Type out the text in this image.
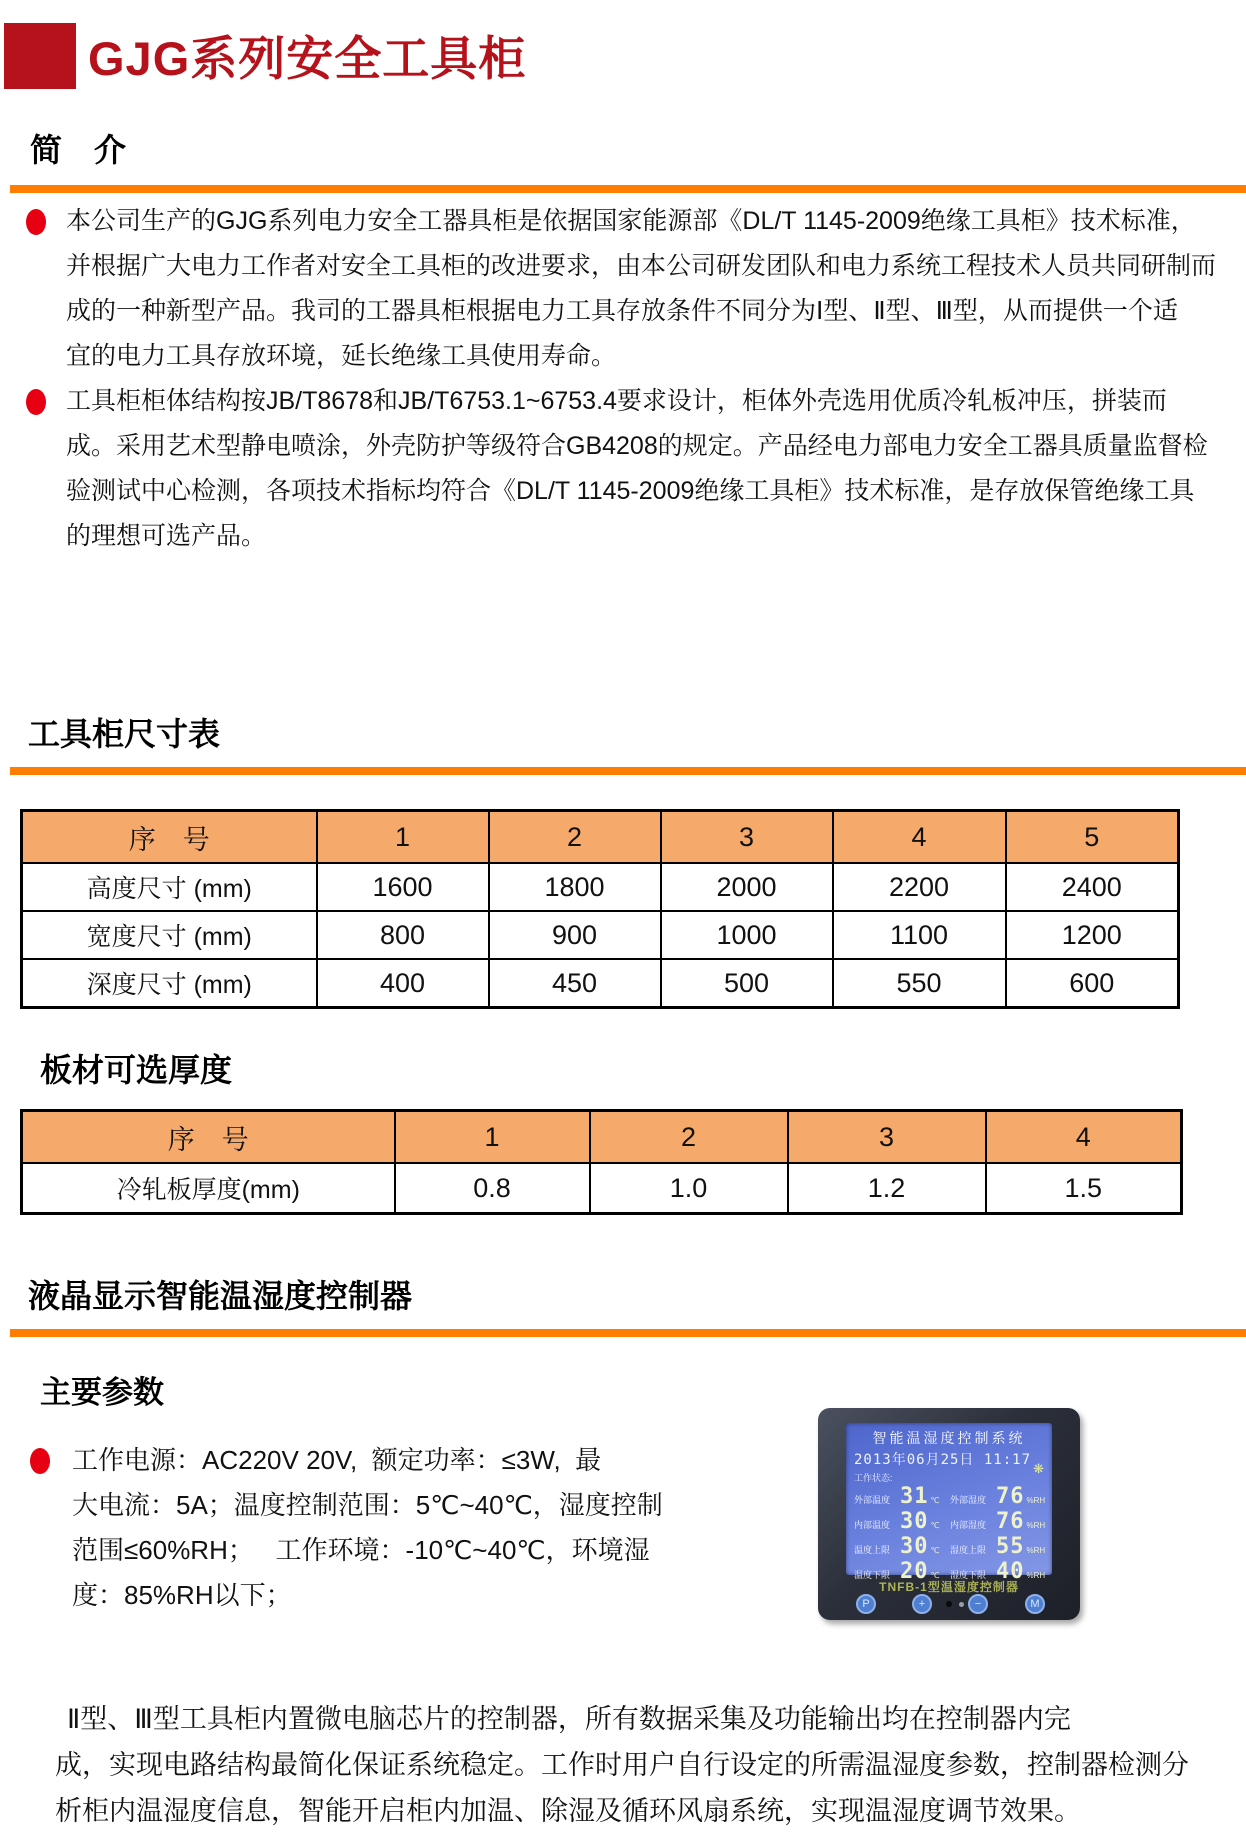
GJG系列安全工具柜
简　介
本公司生产的GJG系列电力安全工器具柜是依据国家能源部《DL/T 1145-2009绝缘工具柜》技术标准，
并根据广大电力工作者对安全工具柜的改进要求，由本公司研发团队和电力系统工程技术人员共同研制而
成的一种新型产品。我司的工器具柜根据电力工具存放条件不同分为Ⅰ型、Ⅱ型、Ⅲ型，从而提供一个适
宜的电力工具存放环境，延长绝缘工具使用寿命。
工具柜柜体结构按JB/T8678和JB/T6753.1~6753.4要求设计，柜体外壳选用优质冷轧板冲压，拼装而
成。采用艺术型静电喷涂，外壳防护等级符合GB4208的规定。产品经电力部电力安全工器具质量监督检
验测试中心检测，各项技术指标均符合《DL/T 1145-2009绝缘工具柜》技术标准，是存放保管绝缘工具
的理想可选产品。
工具柜尺寸表
序　号	1	2	3	4	5
高度尺寸 (mm)	1600	1800	2000	2200	2400
宽度尺寸 (mm)	800	900	1000	1100	1200
深度尺寸 (mm)	400	450	500	550	600
板材可选厚度
序　号	1	2	3	4
冷轧板厚度(mm)	0.8	1.0	1.2	1.5
液晶显示智能温湿度控制器
主要参数
工作电源：AC220V 20V,  额定功率：≤3W,  最
大电流：5A；温度控制范围：5℃~40℃，湿度控制
范围≤60%RH；   工作环境：-10℃~40℃，环境湿
度：85%RH以下；
智能温湿度控制系统
2013年06月25日 11:17
工作状态:
❋
外部温度 31 ℃ 外部湿度 76 %RH
内部温度 30 ℃ 内部湿度 76 %RH
温度上限 30 ℃ 湿度上限 55 %RH
温度下限 20 ℃ 湿度下限 40 %RH
TNFB-1型温湿度控制器
P	+	−	M
Ⅱ型、Ⅲ型工具柜内置微电脑芯片的控制器，所有数据采集及功能输出均在控制器内完
成，实现电路结构最简化保证系统稳定。工作时用户自行设定的所需温湿度参数，控制器检测分
析柜内温湿度信息，智能开启柜内加温、除湿及循环风扇系统，实现温湿度调节效果。
